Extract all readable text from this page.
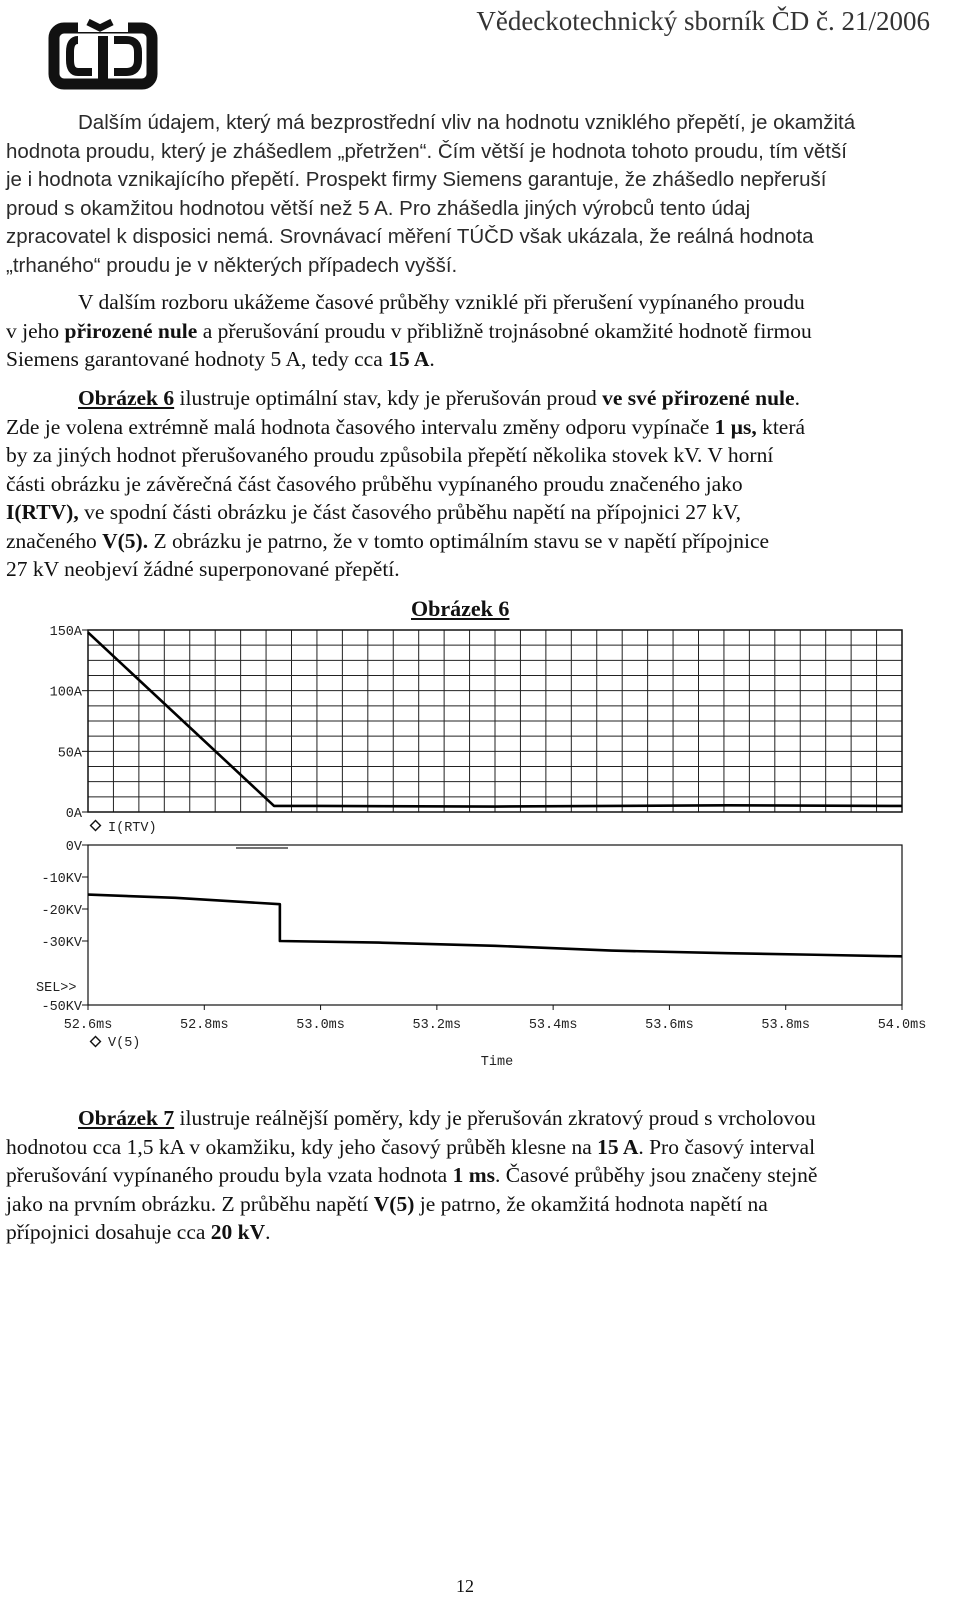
Vědeckotechnický sborník ČD č. 21/2006
Dalším údajem, který má bezprostřední vliv na hodnotu vzniklého přepětí, je okamžitá
hodnota proudu, který je zhášedlem „přetržen“. Čím větší je hodnota tohoto proudu, tím větší
je i hodnota vznikajícího přepětí. Prospekt firmy Siemens garantuje, že zhášedlo nepřeruší
proud s okamžitou hodnotou větší než 5 A. Pro zhášedla jiných výrobců tento údaj
zpracovatel k disposici nemá. Srovnávací měření TÚČD však ukázala, že reálná hodnota
„trhaného“ proudu je v některých případech vyšší.
V dalším rozboru ukážeme časové průběhy vzniklé při přerušení vypínaného proudu
v jeho přirozené nule a přerušování proudu v přibližně trojnásobné okamžité hodnotě firmou
Siemens garantované hodnoty 5 A, tedy cca 15 A.
Obrázek 6 ilustruje optimální stav, kdy je přerušován proud ve své přirozené nule.
Zde je volena extrémně malá hodnota časového intervalu změny odporu vypínače 1 μs, která
by za jiných hodnot přerušovaného proudu způsobila přepětí několika stovek kV. V horní
části obrázku je závěrečná část časového průběhu vypínaného proudu značeného jako
I(RTV), ve spodní části obrázku je část časového průběhu napětí na přípojnici 27 kV,
značeného V(5). Z obrázku je patrno, že v tomto optimálním stavu se v napětí přípojnice
27 kV neobjeví žádné superponované přepětí.
Obrázek 6
150A
100A
50A
0A
I(RTV)
0V
-10KV
-20KV
-30KV
-50KV
SEL>>
52.6ms	52.8ms	53.0ms	53.2ms	53.4ms	53.6ms	53.8ms	54.0ms
V(5)
Time
Obrázek 7 ilustruje reálnější poměry, kdy je přerušován zkratový proud s vrcholovou
hodnotou cca 1,5 kA v okamžiku, kdy jeho časový průběh klesne na 15 A. Pro časový interval
přerušování vypínaného proudu byla vzata hodnota 1 ms. Časové průběhy jsou značeny stejně
jako na prvním obrázku. Z průběhu napětí V(5) je patrno, že okamžitá hodnota napětí na
přípojnici dosahuje cca 20 kV.
12
